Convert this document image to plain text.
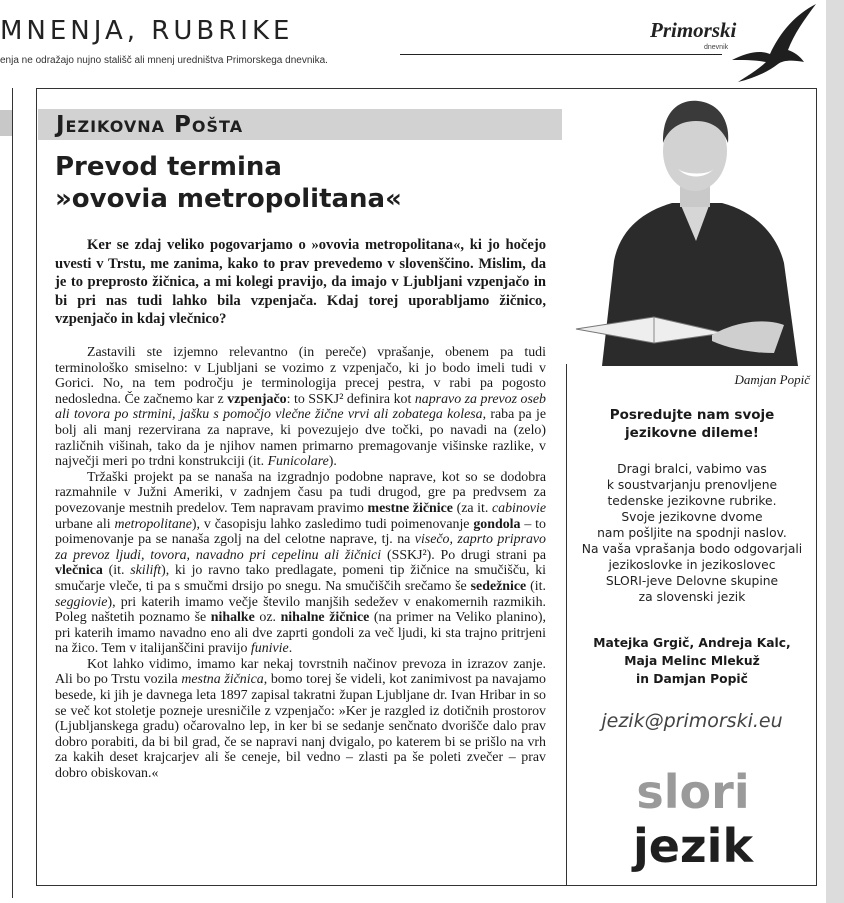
MNENJA, RUBRIKE
enja ne odražajo nujno stališč ali mnenj uredništva Primorskega dnevnika.
Primorski
dnevnik
Jezikovna Pošta
Prevod termina
»ovovia metropolitana«

Ker se zdaj veliko pogovarjamo o »ovovia metropolitana«, ki jo hočejo uvesti v Trstu, me zanima, kako to prav prevedemo v slovenščino. Mislim, da je to preprosto žičnica, a mi kolegi pravijo, da imajo v Ljubljani vzpenjačo in bi pri nas tudi lahko bila vzpenjača. Kdaj torej uporabljamo žičnico, vzpenjačo in kdaj vlečnico?

Zastavili ste izjemno relevantno (in pereče) vprašanje, obenem pa tudi terminološko smiselno: v Ljubljani se vozimo z vzpenjačo, ki jo bodo imeli tudi v Gorici. No, na tem področju je terminologija precej pestra, v rabi pa pogosto nedosledna. Če začnemo kar z vzpenjačo: to SSKJ² definira kot napravo za prevoz oseb ali tovora po strmini, jašku s pomočjo vlečne žične vrvi ali zobatega kolesa, raba pa je bolj ali manj rezervirana za naprave, ki povezujejo dve točki, po navadi na (zelo) različnih višinah, tako da je njihov namen primarno premagovanje višinske razlike, v največji meri po trdni konstrukciji (it. Funicolare).

Tržaški projekt pa se nanaša na izgradnjo podobne naprave, kot so se dodobra razmahnile v Južni Ameriki, v zadnjem času pa tudi drugod, gre pa predvsem za povezovanje mestnih predelov. Tem napravam pravimo mestne žičnice (za it. cabinovie urbane ali metropolitane), v časopisju lahko zasledimo tudi poimenovanje gondola – to poimenovanje pa se nanaša zgolj na del celotne naprave, tj. na visečo, zaprto pripravo za prevoz ljudi, tovora, navadno pri cepelinu ali žičnici (SSKJ²). Po drugi strani pa vlečnica (it. skilift), ki jo ravno tako predlagate, pomeni tip žičnice na smučišču, ki smučarje vleče, ti pa s smučmi drsijo po snegu. Na smučiščih srečamo še sedežnice (it. seggiovie), pri katerih imamo večje število manjših sedežev v enakomernih razmikih. Poleg naštetih poznamo še nihalke oz. nihalne žičnice (na primer na Veliko planino), pri katerih imamo navadno eno ali dve zaprti gondoli za več ljudi, ki sta trajno pritrjeni na žico. Tem v italijanščini pravijo funivie.

Kot lahko vidimo, imamo kar nekaj tovrstnih načinov prevoza in izrazov zanje. Ali bo po Trstu vozila mestna žičnica, bomo torej še videli, kot zanimivost pa navajamo besede, ki jih je davnega leta 1897 zapisal takratni župan Ljubljane dr. Ivan Hribar in so se več kot stoletje pozneje uresničile z vzpenjačo: »Ker je razgled iz dotičnih prostorov (Ljubljanskega gradu) očarovalno lep, in ker bi se sedanje senčnato dvorišče dalo prav dobro porabiti, da bi bil grad, če se napravi nanj dvigalo, po katerem bi se prišlo na vrh za kakih deset krajcarjev ali še ceneje, bil vedno – zlasti pa še poleti zvečer – prav dobro obiskovan.«

Damjan Popič
Posredujte nam svoje
jezikovne dileme!
Dragi bralci, vabimo vas
k soustvarjanju prenovljene
tedenske jezikovne rubrike.
Svoje jezikovne dvome
nam pošljite na spodnji naslov.
Na vaša vprašanja bodo odgovarjali
jezikoslovke in jezikoslovec
SLORI-jeve Delovne skupine
za slovenski jezik
Matejka Grgič, Andreja Kalc,
Maja Melinc Mlekuž
in Damjan Popič
jezik@primorski.eu
slori
jezik
